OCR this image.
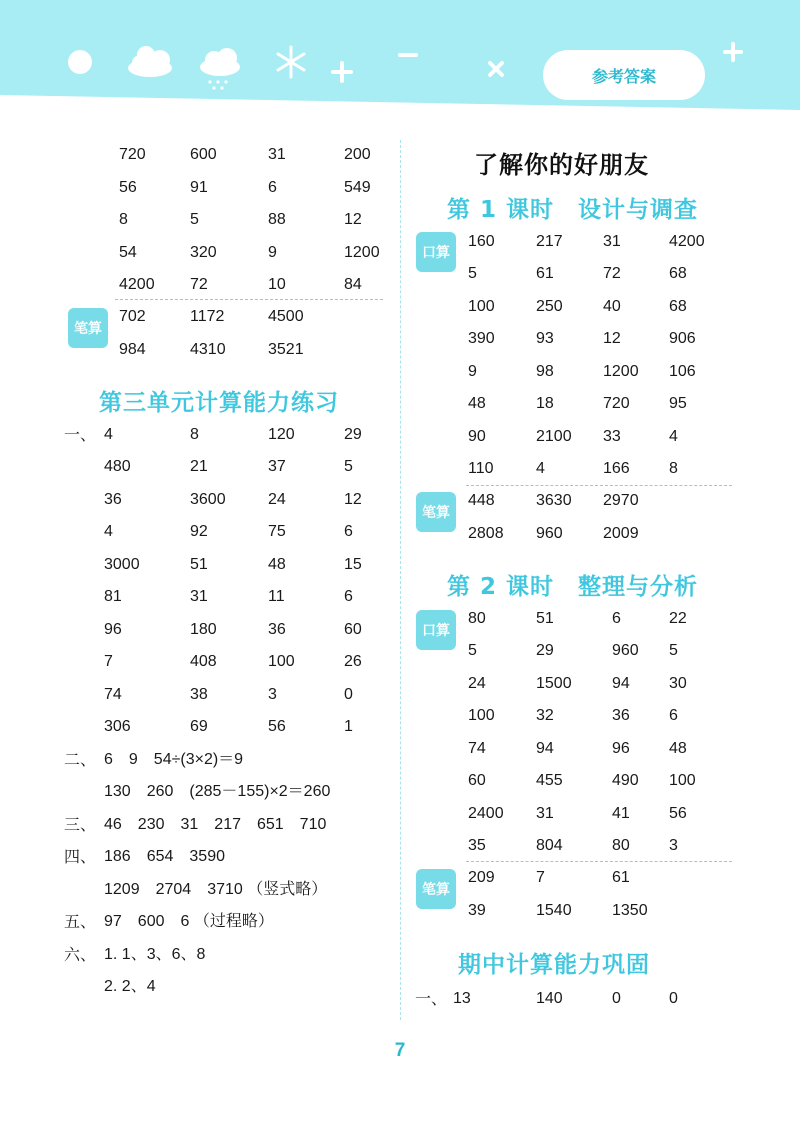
参考答案
720	600	31	200
56	91	6	549
8	5	88	12
54	320	9	1200
4200 72	10	84
笔算
702	1172	4500
984	4310	3521
第三单元计算能力练习
一、 4	8	120	29
480	21	37	5
36	3600	24	12
4	92	75	6
3000	51	48	15
81	31	11	6
96	180	36	60
7	408	100	26
74	38	3	0
306	69	56	1
二、 6　9　54÷(3×2)＝9
130　260　(285－155)×2＝260
三、 46　230　31　217　651　710
四、 186　654　3590
1209　2704　3710 （竖式略）
五、 97　600　6 （过程略）
六、 1. 1、3、6、8
2. 2、4
了解你的好朋友
第 1 课时　设计与调查
口算
160	217	31	4200
5	61	72	68
100	250	40	68
390	93	12	906
9	98	1200 106
48	18	720 95
90	2100 33	4
110	4	166 8
笔算
448	3630 2970
2808 960	2009
第 2 课时　整理与分析
口算
80	51	6	22
5	29	960 5
24	1500	94 30
100	32	36 6
74	94	96 48
60	455	490 100
2400 31	41 56
35	804	80 3
笔算
209	7	61
39	1540	1350
期中计算能力巩固
一、 13	140	0	0
7
